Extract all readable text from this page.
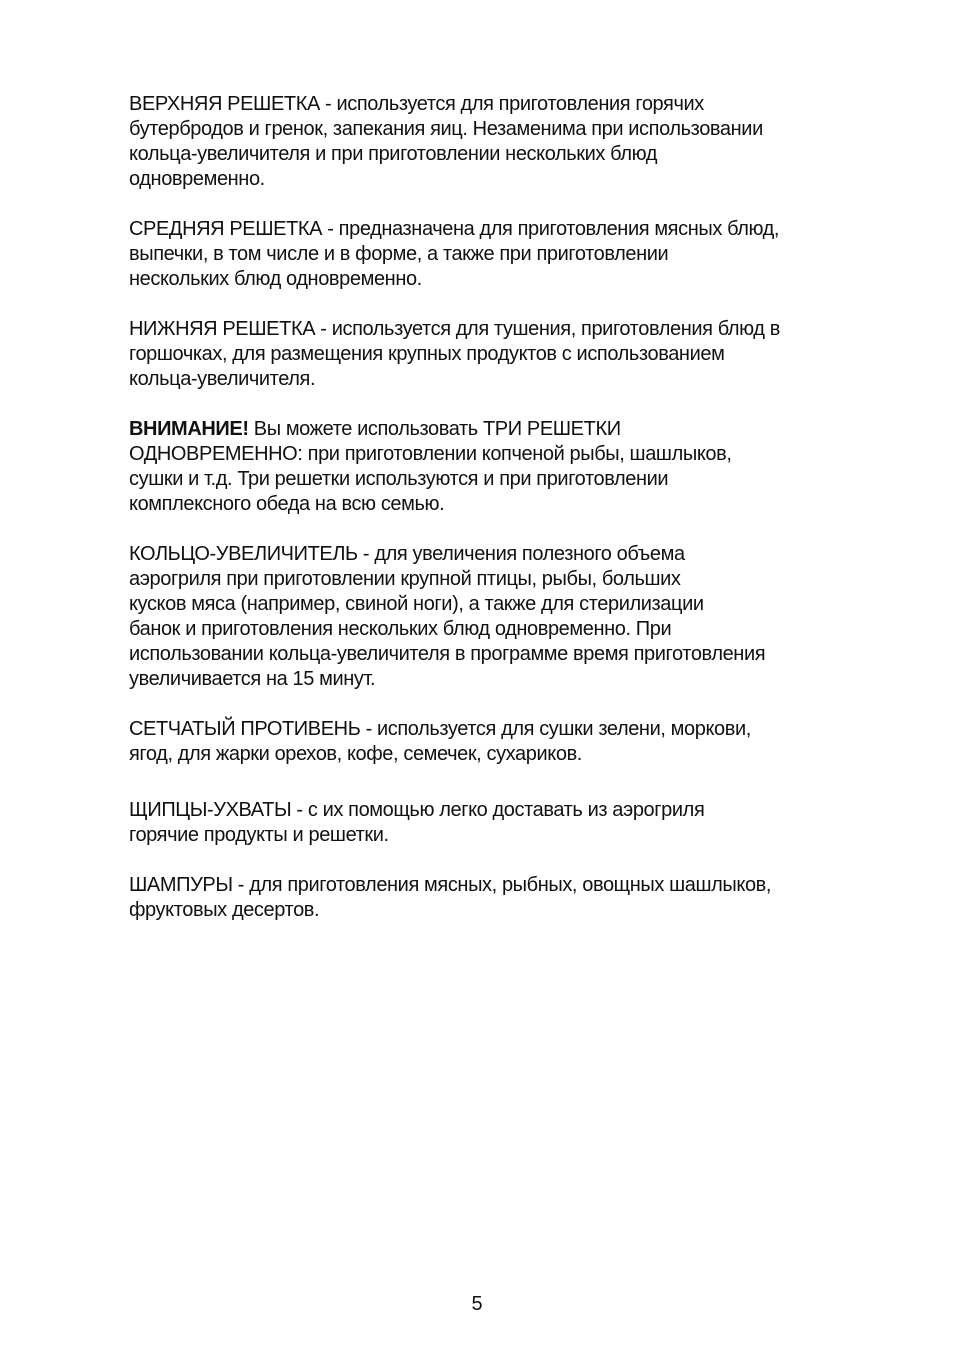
ВЕРХНЯЯ РЕШЕТКА - используется для приготовления горячих
бутербродов и гренок, запекания яиц. Незаменима при использовании
кольца-увеличителя и при приготовлении нескольких блюд
одновременно.

СРЕДНЯЯ РЕШЕТКА - предназначена для приготовления мясных блюд,
выпечки, в том числе и в форме, а также при приготовлении
нескольких блюд одновременно.

НИЖНЯЯ РЕШЕТКА - используется для тушения, приготовления блюд в
горшочках, для размещения крупных продуктов с использованием
кольца-увеличителя.

ВНИМАНИЕ! Вы можете использовать ТРИ РЕШЕТКИ
ОДНОВРЕМЕННО: при приготовлении копченой рыбы, шашлыков,
сушки и т.д. Три решетки используются и при приготовлении
комплексного обеда на всю семью.

КОЛЬЦО-УВЕЛИЧИТЕЛЬ - для увеличения полезного объема
аэрогриля при приготовлении крупной птицы, рыбы, больших
кусков мяса (например, свиной ноги), а также для стерилизации
банок и приготовления нескольких блюд одновременно. При
использовании кольца-увеличителя в программе время приготовления
увеличивается на 15 минут.

СЕТЧАТЫЙ ПРОТИВЕНЬ - используется для сушки зелени, моркови,
ягод, для жарки орехов, кофе, семечек, сухариков.

ЩИПЦЫ-УХВАТЫ - с их помощью легко доставать из аэрогриля
горячие продукты и решетки.

ШАМПУРЫ - для приготовления мясных, рыбных, овощных шашлыков,
фруктовых десертов.

5
